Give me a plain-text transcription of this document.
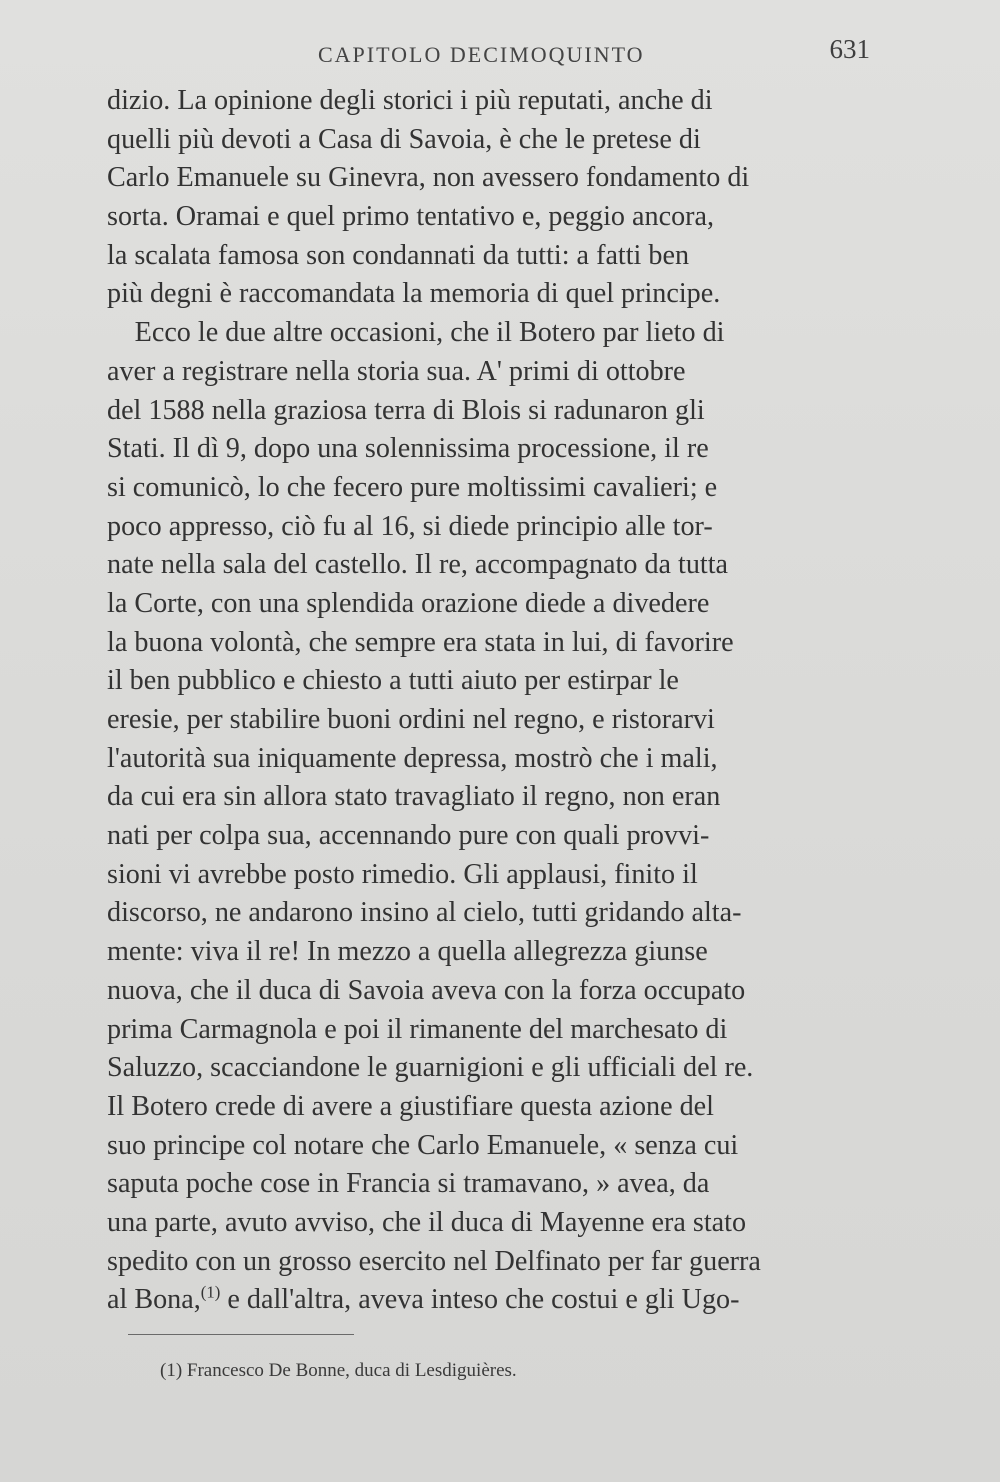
CAPITOLO DECIMOQUINTO	631
dizio. La opinione degli storici i più reputati, anche di
quelli più devoti a Casa di Savoia, è che le pretese di
Carlo Emanuele su Ginevra, non avessero fondamento di
sorta. Oramai e quel primo tentativo e, peggio ancora,
la scalata famosa son condannati da tutti: a fatti ben
più degni è raccomandata la memoria di quel principe.
Ecco le due altre occasioni, che il Botero par lieto di
aver a registrare nella storia sua. A' primi di ottobre
del 1588 nella graziosa terra di Blois si radunaron gli
Stati. Il dì 9, dopo una solennissima processione, il re
si comunicò, lo che fecero pure moltissimi cavalieri; e
poco appresso, ciò fu al 16, si diede principio alle tor-
nate nella sala del castello. Il re, accompagnato da tutta
la Corte, con una splendida orazione diede a divedere
la buona volontà, che sempre era stata in lui, di favorire
il ben pubblico e chiesto a tutti aiuto per estirpar le
eresie, per stabilire buoni ordini nel regno, e ristorarvi
l'autorità sua iniquamente depressa, mostrò che i mali,
da cui era sin allora stato travagliato il regno, non eran
nati per colpa sua, accennando pure con quali provvi-
sioni vi avrebbe posto rimedio. Gli applausi, finito il
discorso, ne andarono insino al cielo, tutti gridando alta-
mente: viva il re! In mezzo a quella allegrezza giunse
nuova, che il duca di Savoia aveva con la forza occupato
prima Carmagnola e poi il rimanente del marchesato di
Saluzzo, scacciandone le guarnigioni e gli ufficiali del re.
Il Botero crede di avere a giustifiare questa azione del
suo principe col notare che Carlo Emanuele, « senza cui
saputa poche cose in Francia si tramavano, » avea, da
una parte, avuto avviso, che il duca di Mayenne era stato
spedito con un grosso esercito nel Delfinato per far guerra
al Bona,$^{(1)}$ e dall'altra, aveva inteso che costui e gli Ugo-
(1) Francesco De Bonne, duca di Lesdiguières.
